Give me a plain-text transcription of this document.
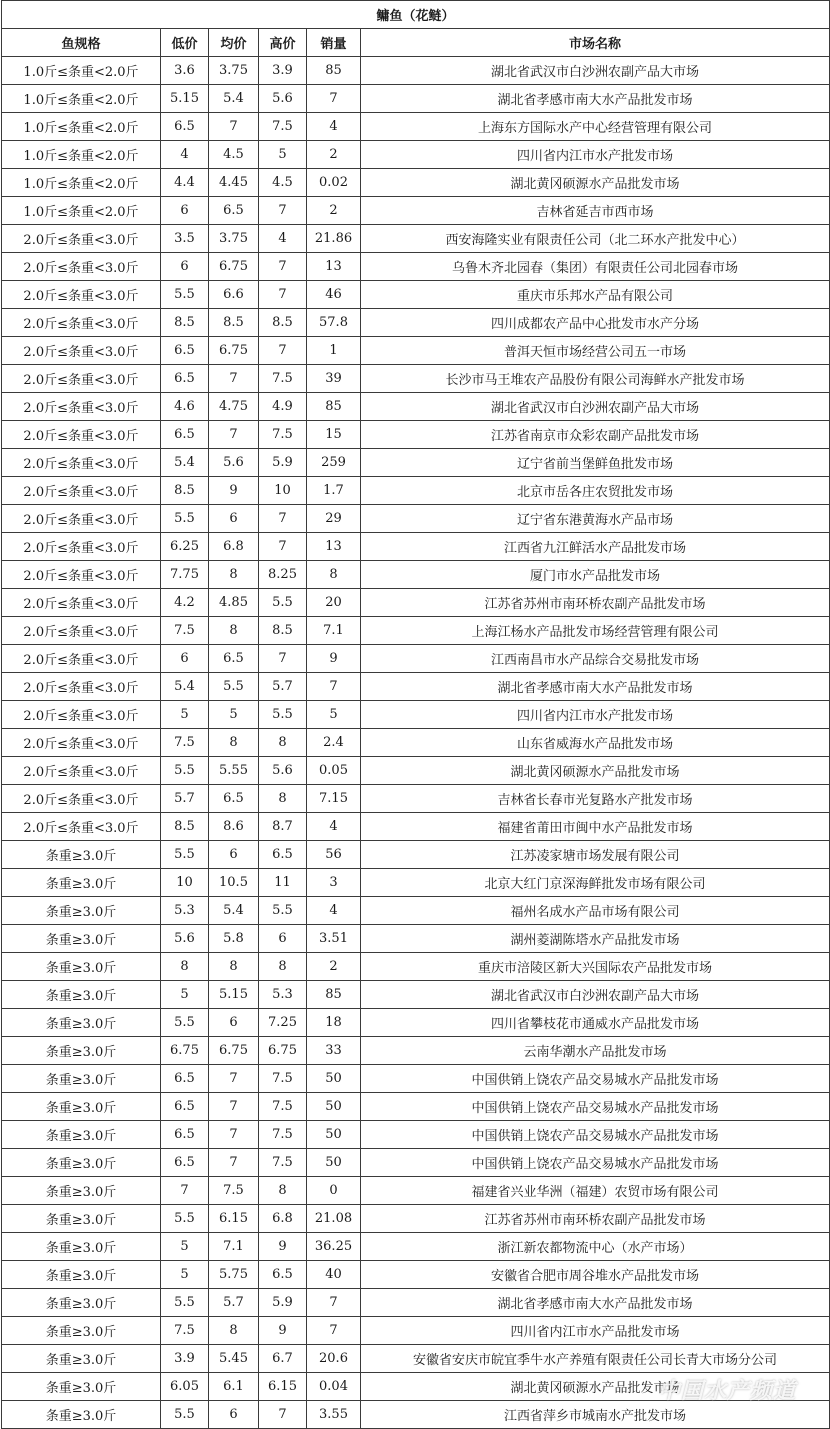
鳙鱼（花鲢）					
鱼规格	低价	均价	高价	销量	市场名称
1.0斤≤条重<2.0斤	3.6	3.75	3.9	85	湖北省武汉市白沙洲农副产品大市场
1.0斤≤条重<2.0斤	5.15	5.4	5.6	7	湖北省孝感市南大水产品批发市场
1.0斤≤条重<2.0斤	6.5	7	7.5	4	上海东方国际水产中心经营管理有限公司
1.0斤≤条重<2.0斤	4	4.5	5	2	四川省内江市水产批发市场
1.0斤≤条重<2.0斤	4.4	4.45	4.5	0.02	湖北黄冈硕源水产品批发市场
1.0斤≤条重<2.0斤	6	6.5	7	2	吉林省延吉市西市场
2.0斤≤条重<3.0斤	3.5	3.75	4	21.86	西安海隆实业有限责任公司（北二环水产批发中心）
2.0斤≤条重<3.0斤	6	6.75	7	13	乌鲁木齐北园春（集团）有限责任公司北园春市场
2.0斤≤条重<3.0斤	5.5	6.6	7	46	重庆市乐邦水产品有限公司
2.0斤≤条重<3.0斤	8.5	8.5	8.5	57.8	四川成都农产品中心批发市水产分场
2.0斤≤条重<3.0斤	6.5	6.75	7	1	普洱天恒市场经营公司五一市场
2.0斤≤条重<3.0斤	6.5	7	7.5	39	长沙市马王堆农产品股份有限公司海鲜水产批发市场
2.0斤≤条重<3.0斤	4.6	4.75	4.9	85	湖北省武汉市白沙洲农副产品大市场
2.0斤≤条重<3.0斤	6.5	7	7.5	15	江苏省南京市众彩农副产品批发市场
2.0斤≤条重<3.0斤	5.4	5.6	5.9	259	辽宁省前当堡鲜鱼批发市场
2.0斤≤条重<3.0斤	8.5	9	10	1.7	北京市岳各庄农贸批发市场
2.0斤≤条重<3.0斤	5.5	6	7	29	辽宁省东港黄海水产品市场
2.0斤≤条重<3.0斤	6.25	6.8	7	13	江西省九江鲜活水产品批发市场
2.0斤≤条重<3.0斤	7.75	8	8.25	8	厦门市水产品批发市场
2.0斤≤条重<3.0斤	4.2	4.85	5.5	20	江苏省苏州市南环桥农副产品批发市场
2.0斤≤条重<3.0斤	7.5	8	8.5	7.1	上海江杨水产品批发市场经营管理有限公司
2.0斤≤条重<3.0斤	6	6.5	7	9	江西南昌市水产品综合交易批发市场
2.0斤≤条重<3.0斤	5.4	5.5	5.7	7	湖北省孝感市南大水产品批发市场
2.0斤≤条重<3.0斤	5	5	5.5	5	四川省内江市水产批发市场
2.0斤≤条重<3.0斤	7.5	8	8	2.4	山东省威海水产品批发市场
2.0斤≤条重<3.0斤	5.5	5.55	5.6	0.05	湖北黄冈硕源水产品批发市场
2.0斤≤条重<3.0斤	5.7	6.5	8	7.15	吉林省长春市光复路水产批发市场
2.0斤≤条重<3.0斤	8.5	8.6	8.7	4	福建省莆田市闽中水产品批发市场
条重≥3.0斤	5.5	6	6.5	56	江苏凌家塘市场发展有限公司
条重≥3.0斤	10	10.5	11	3	北京大红门京深海鲜批发市场有限公司
条重≥3.0斤	5.3	5.4	5.5	4	福州名成水产品市场有限公司
条重≥3.0斤	5.6	5.8	6	3.51	湖州菱湖陈塔水产品批发市场
条重≥3.0斤	8	8	8	2	重庆市涪陵区新大兴国际农产品批发市场
条重≥3.0斤	5	5.15	5.3	85	湖北省武汉市白沙洲农副产品大市场
条重≥3.0斤	5.5	6	7.25	18	四川省攀枝花市通威水产品批发市场
条重≥3.0斤	6.75	6.75	6.75	33	云南华潮水产品批发市场
条重≥3.0斤	6.5	7	7.5	50	中国供销上饶农产品交易城水产品批发市场
条重≥3.0斤	6.5	7	7.5	50	中国供销上饶农产品交易城水产品批发市场
条重≥3.0斤	6.5	7	7.5	50	中国供销上饶农产品交易城水产品批发市场
条重≥3.0斤	6.5	7	7.5	50	中国供销上饶农产品交易城水产品批发市场
条重≥3.0斤	7	7.5	8	0	福建省兴业华洲（福建）农贸市场有限公司
条重≥3.0斤	5.5	6.15	6.8	21.08	江苏省苏州市南环桥农副产品批发市场
条重≥3.0斤	5	7.1	9	36.25	浙江新农都物流中心（水产市场）
条重≥3.0斤	5	5.75	6.5	40	安徽省合肥市周谷堆水产品批发市场
条重≥3.0斤	5.5	5.7	5.9	7	湖北省孝感市南大水产品批发市场
条重≥3.0斤	7.5	8	9	7	四川省内江市水产品批发市场
条重≥3.0斤	3.9	5.45	6.7	20.6	安徽省安庆市皖宜季牛水产养殖有限责任公司长青大市场分公司
条重≥3.0斤	6.05	6.1	6.15	0.04	湖北黄冈硕源水产品批发市场
条重≥3.0斤	5.5	6	7	3.55	江西省萍乡市城南水产批发市场
中国水产频道
